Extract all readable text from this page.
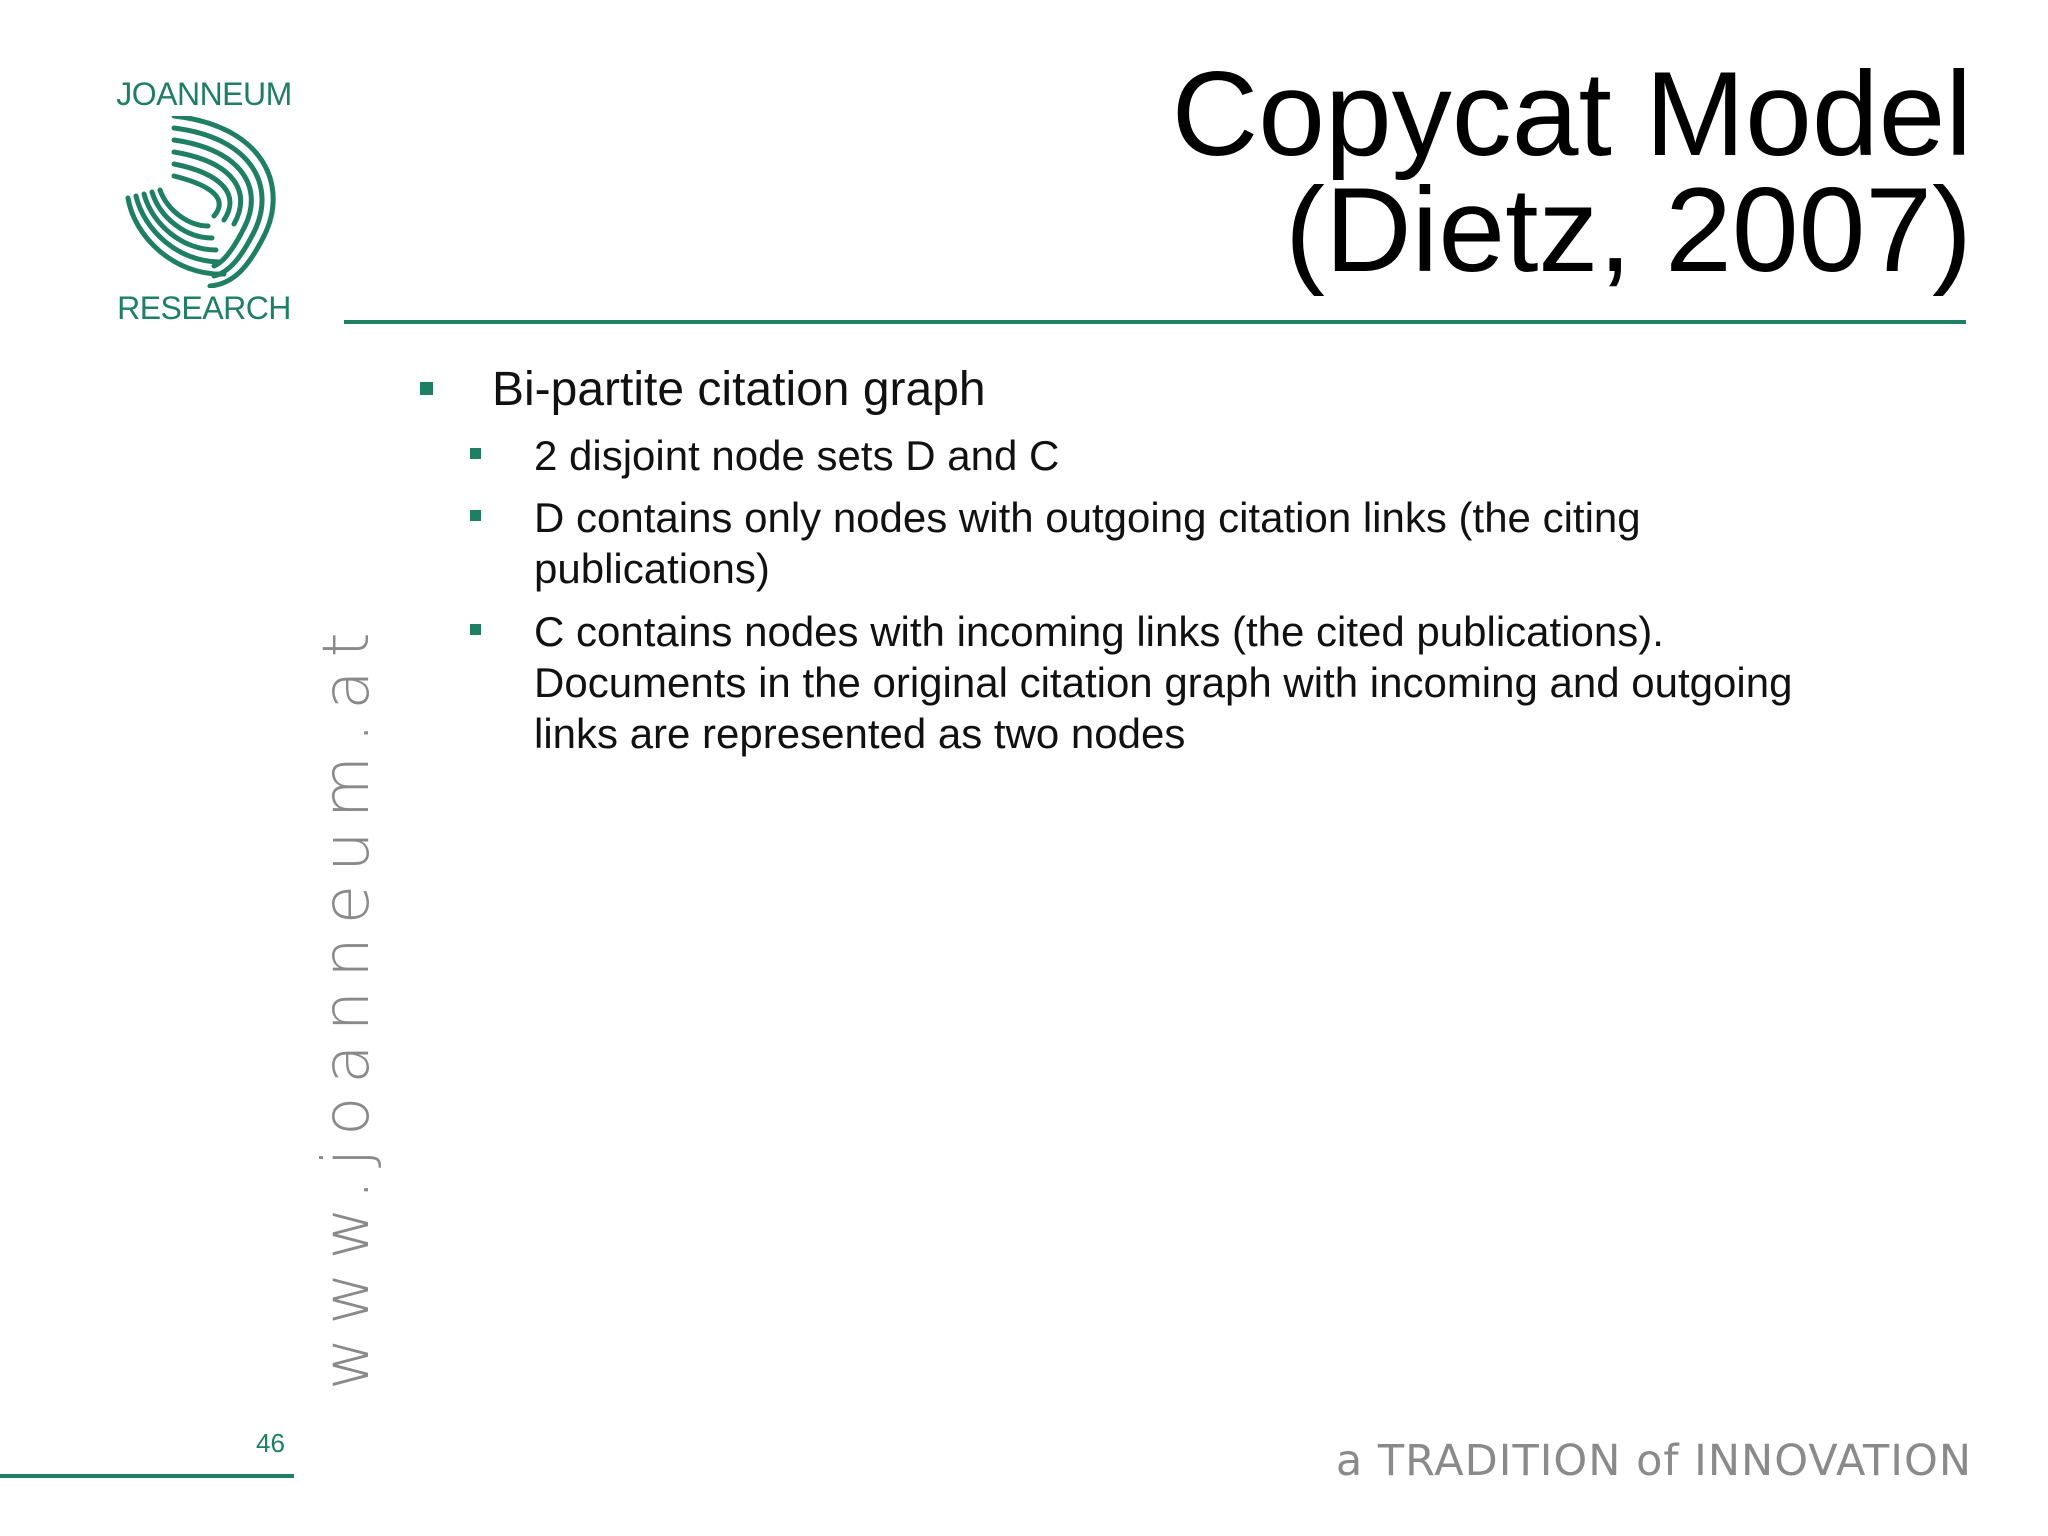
JOANNEUM
RESEARCH
Copycat Model
(Dietz, 2007)
Bi-partite citation graph
2 disjoint node sets D and C
D contains only nodes with outgoing citation links (the citing
publications)
C contains nodes with incoming links (the cited publications).
Documents in the original citation graph with incoming and outgoing
links are represented as two nodes
www.joanneum.at
46	a TRADITION of INNOVATION
